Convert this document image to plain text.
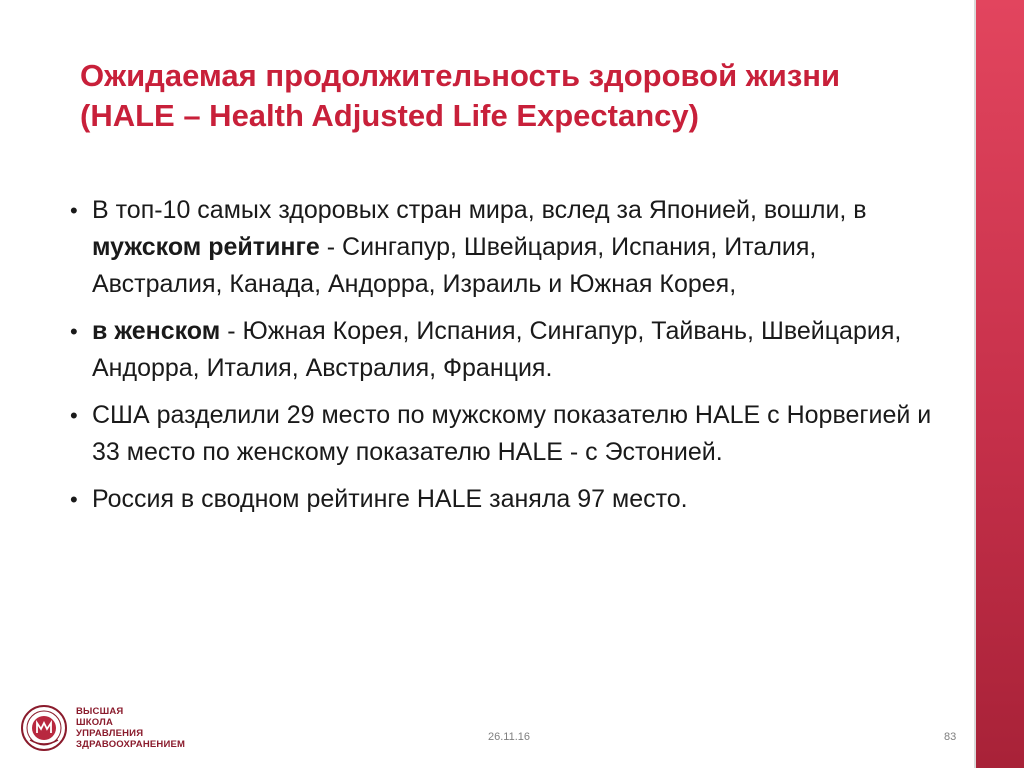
Ожидаемая продолжительность здоровой жизни
(HALE – Health Adjusted Life Expectancy)
• В топ-10 самых здоровых стран мира, вслед за Японией, вошли, в мужском рейтинге - Сингапур, Швейцария, Испания, Италия, Австралия, Канада, Андорра, Израиль и Южная Корея,
• в женском - Южная Корея, Испания, Сингапур, Тайвань, Швейцария, Андорра, Италия, Австралия, Франция.
• США разделили 29 место по мужскому показателю HALE с Норвегией и 33 место по женскому показателю HALE - с Эстонией.
• Россия в сводном рейтинге HALE заняла 97 место.
ВЫСШАЯ
ШКОЛА
УПРАВЛЕНИЯ
ЗДРАВООХРАНЕНИЕМ
26.11.16	83
